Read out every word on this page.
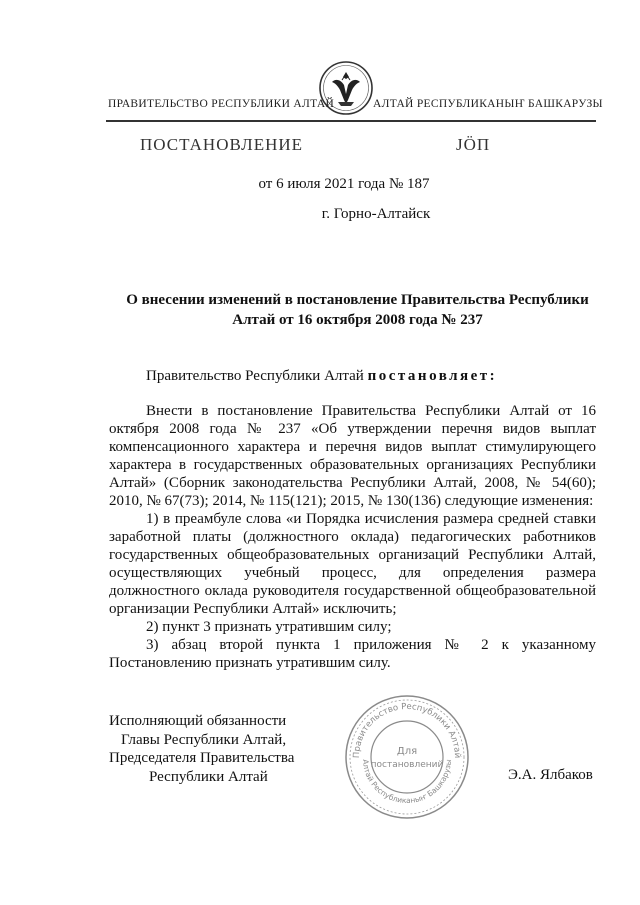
ПРАВИТЕЛЬСТВО РЕСПУБЛИКИ АЛТАЙ	АЛТАЙ РЕСПУБЛИКАНЫҤ БАШКАРУЗЫ
ПОСТАНОВЛЕНИЕ	JӦП
от 6 июля 2021 года № 187
г. Горно-Алтайск
О внесении изменений в постановление Правительства Республики Алтай от 16 октября 2008 года № 237
Правительство Республики Алтай постановляет:

Внести в постановление Правительства Республики Алтай от 16 октября 2008 года № 237 «Об утверждении перечня видов выплат компенсационного характера и перечня видов выплат стимулирующего характера в государственных образовательных организациях Республики Алтай» (Сборник законодательства Республики Алтай, 2008, № 54(60); 2010, № 67(73); 2014, № 115(121); 2015, № 130(136) следующие изменения:

1) в преамбуле слова «и Порядка исчисления размера средней ставки заработной платы (должностного оклада) педагогических работников государственных общеобразовательных организаций Республики Алтай, осуществляющих учебный процесс, для определения размера должностного оклада руководителя государственной общеобразовательной организации Республики Алтай» исключить;

2) пункт 3 признать утратившим силу;

3) абзац второй пункта 1 приложения № 2 к указанному Постановлению признать утратившим силу.

Исполняющий обязанности
Главы Республики Алтай,
Председателя Правительства
Республики Алтай	Э.А. Ялбаков
Правительство Республики Алтай
Алтай Республиканыҥ Башкарузы
Для
постановлений
